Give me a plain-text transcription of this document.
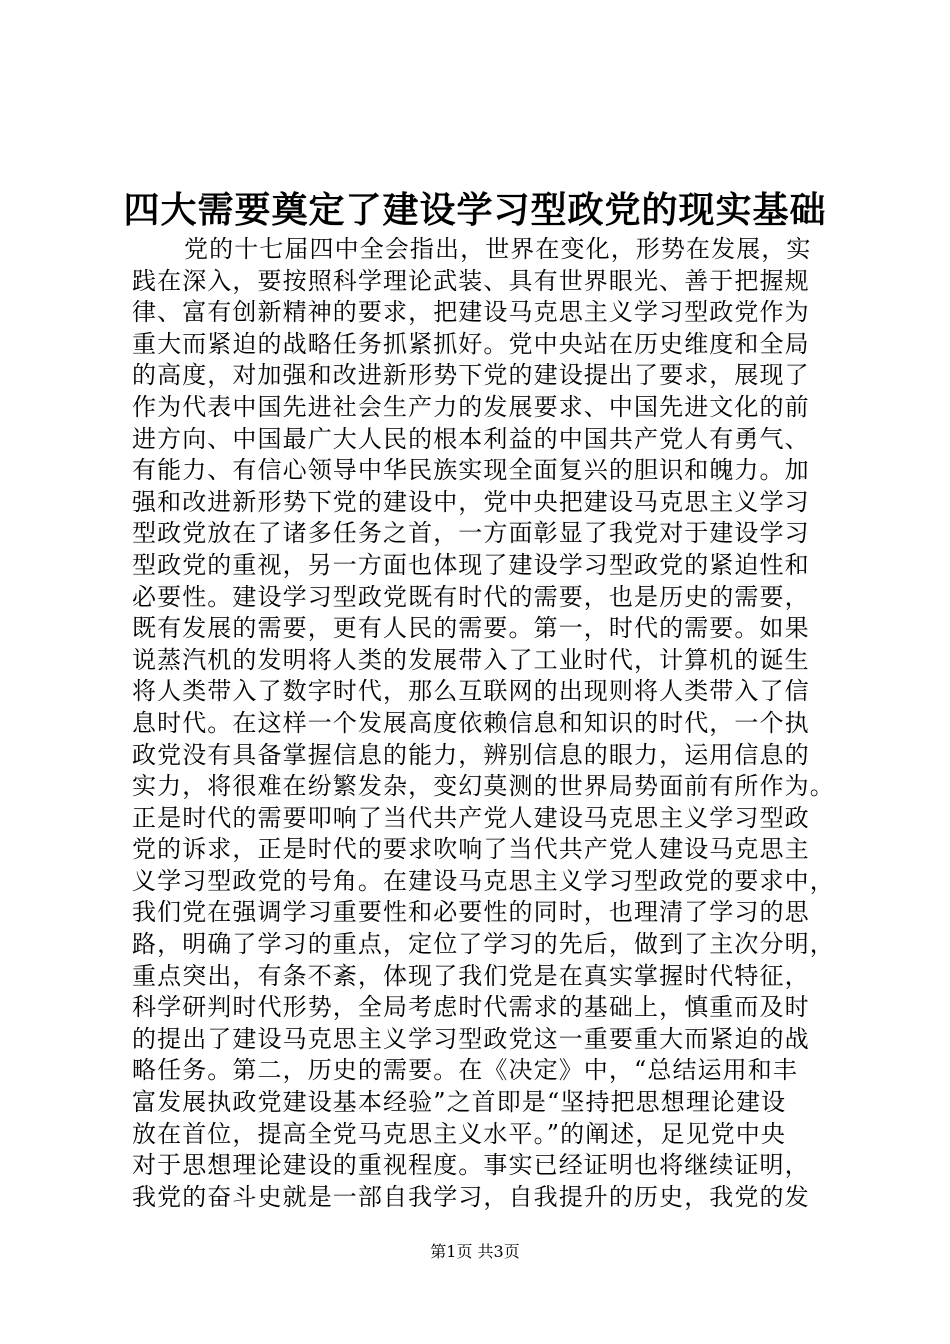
四大需要奠定了建设学习型政党的现实基础
党的十七届四中全会指出，世界在变化，形势在发展，实
践在深入，要按照科学理论武装、具有世界眼光、善于把握规
律、富有创新精神的要求，把建设马克思主义学习型政党作为
重大而紧迫的战略任务抓紧抓好。党中央站在历史维度和全局
的高度，对加强和改进新形势下党的建设提出了要求，展现了
作为代表中国先进社会生产力的发展要求、中国先进文化的前
进方向、中国最广大人民的根本利益的中国共产党人有勇气、
有能力、有信心领导中华民族实现全面复兴的胆识和魄力。加
强和改进新形势下党的建设中，党中央把建设马克思主义学习
型政党放在了诸多任务之首，一方面彰显了我党对于建设学习
型政党的重视，另一方面也体现了建设学习型政党的紧迫性和
必要性。建设学习型政党既有时代的需要，也是历史的需要，
既有发展的需要，更有人民的需要。第一，时代的需要。如果
说蒸汽机的发明将人类的发展带入了工业时代，计算机的诞生
将人类带入了数字时代，那么互联网的出现则将人类带入了信
息时代。在这样一个发展高度依赖信息和知识的时代，一个执
政党没有具备掌握信息的能力，辨别信息的眼力，运用信息的
实力，将很难在纷繁发杂，变幻莫测的世界局势面前有所作为。
正是时代的需要叩响了当代共产党人建设马克思主义学习型政
党的诉求，正是时代的要求吹响了当代共产党人建设马克思主
义学习型政党的号角。在建设马克思主义学习型政党的要求中，
我们党在强调学习重要性和必要性的同时，也理清了学习的思
路，明确了学习的重点，定位了学习的先后，做到了主次分明，
重点突出，有条不紊，体现了我们党是在真实掌握时代特征，
科学研判时代形势，全局考虑时代需求的基础上，慎重而及时
的提出了建设马克思主义学习型政党这一重要重大而紧迫的战
略任务。第二，历史的需要。在《决定》中，“总结运用和丰
富发展执政党建设基本经验”之首即是“坚持把思想理论建设
放在首位，提高全党马克思主义水平。”的阐述，足见党中央
对于思想理论建设的重视程度。事实已经证明也将继续证明，
我党的奋斗史就是一部自我学习，自我提升的历史，我党的发
第1页 共3页
